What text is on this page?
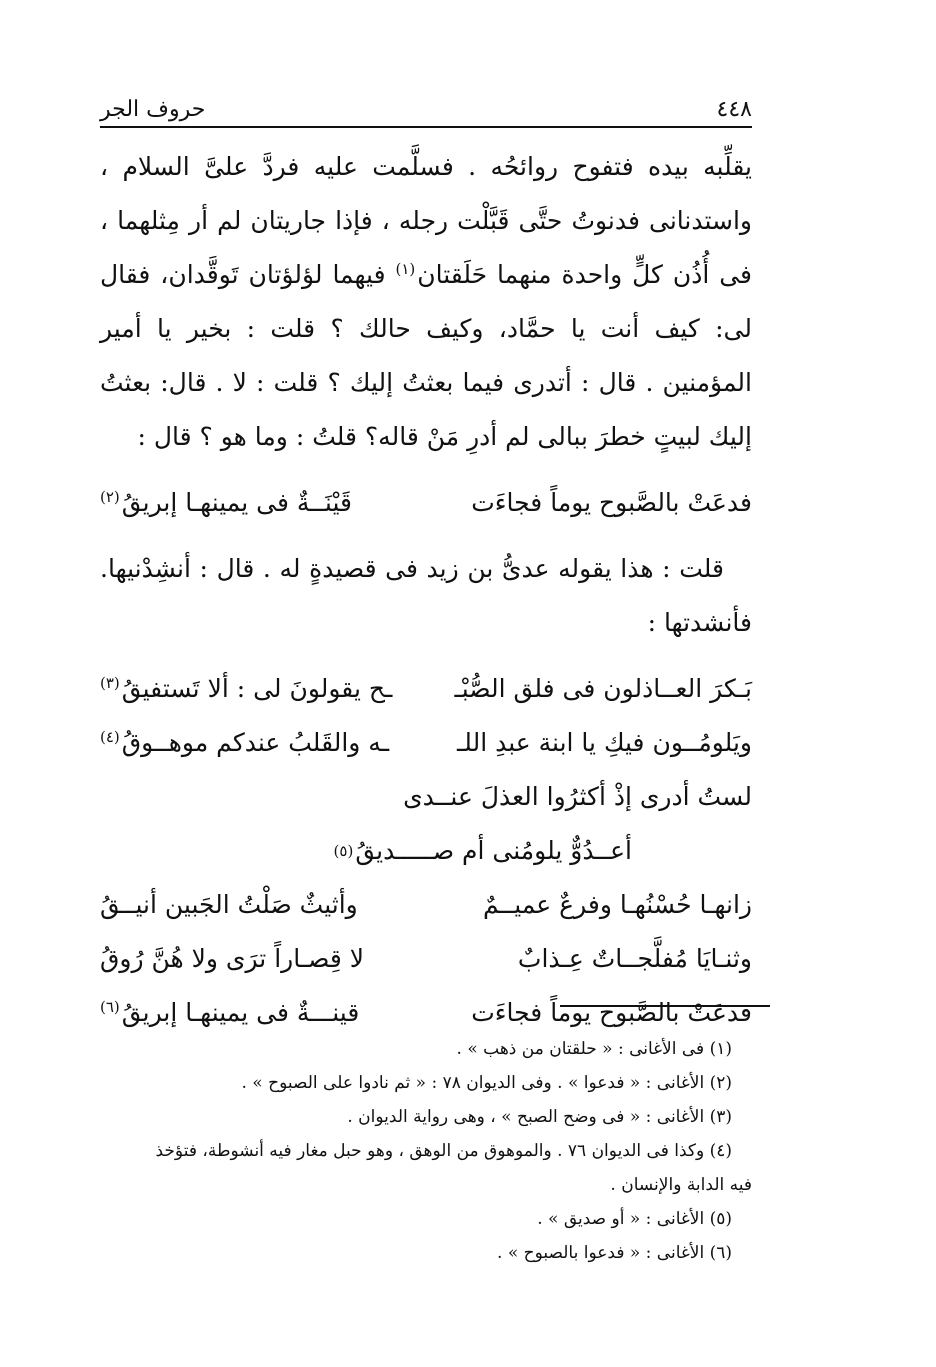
٤٤٨
حروف الجر

يقلِّبه بيده فتفوح روائحُه . فسلَّمت عليه فردَّ علىَّ السلام ، واستدنانى فدنوتُ حتَّى قَبَّلْت رجله ، فإذا جاريتان لم أر مِثلهما ، فى أُذُن كلٍّ واحدة منهما حَلَقتان$^{(١)}$ فيهما لؤلؤتان تَوقَّدان، فقال لى: كيف أنت يا حمَّاد، وكيف حالك ؟ قلت : بخير يا أمير المؤمنين . قال : أتدرى فيما بعثتُ إليك ؟ قلت : لا . قال: بعثتُ إليك لبيتٍ خطرَ ببالى لم أدرِ مَنْ قاله؟ قلتُ : وما هو ؟ قال :

فدعَتْ بالصَّبوح يوماً فجاءَت
قَيْنَــةٌ فى يمينهـا إبريقُ$^{(٢)}$

قلت : هذا يقوله عدىُّ بن زيد فى قصيدةٍ له . قال : أنشِدْنيها. فأنشدتها :

بَـكرَ العــاذلون فى فلق الصُّبْـ
ـح يقولونَ لى : ألا تَستفيقُ$^{(٣)}$
ويَلومُــون فيكِ يا ابنة عبدِ اللـ
ـه والقَلبُ عندكم موهــوقُ$^{(٤)}$
لستُ أدرى إذْ أكثرُوا العذلَ عنــدى
أعــدُوٌّ يلومُنى أم صـــــديقُ
(٥)
زانهـا حُسْنُهـا وفرعٌ عميــمٌ
وأثيثٌ صَلْتُ الجَبين أنيــقُ
وثنـايَا مُفلَّجــاتٌ عِـذابٌ
لا قِصـاراً ترَى ولا هُنَّ رُوقُ
فدعَتْ بالصَّبوح يوماً فجاءَت
قينـــةٌ فى يمينهـا إبريقُ$^{(٦)}$
(١) فى الأغانى : « حلقتان من ذهب » .
(٢) الأغانى : « فدعوا » . وفى الديوان ٧٨ : « ثم نادوا على الصبوح » .
(٣) الأغانى : « فى وضح الصبح » ، وهى رواية الديوان .
(٤) وكذا فى الديوان ٧٦ . والموهوق من الوهق ، وهو حبل مغار فيه أنشوطة، فتؤخذ
فيه الدابة والإنسان .
(٥) الأغانى : « أو صديق » .
(٦) الأغانى : « فدعوا بالصبوح » .
